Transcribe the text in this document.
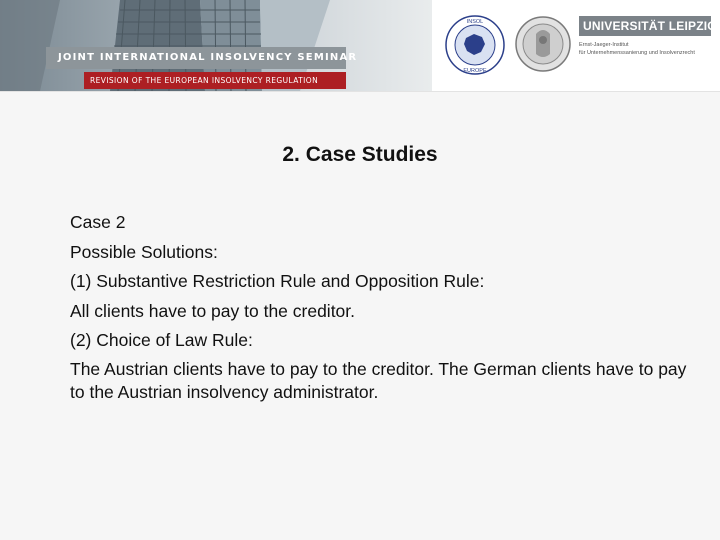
JOINT INTERNATIONAL INSOLVENCY SEMINAR
REVISION OF THE EUROPEAN INSOLVENCY REGULATION
INSOL
EUROPE
UNIVERSITÄT LEIPZIG
Ernst-Jaeger-Institut
für Unternehmenssanierung und Insolvenzrecht
2. Case Studies

Case 2

Possible Solutions:

(1) Substantive Restriction Rule and Opposition Rule:

All clients have to pay to the creditor.

(2) Choice of Law Rule:

The Austrian clients have to pay to the creditor. The German clients have to pay to the Austrian insolvency administrator.
